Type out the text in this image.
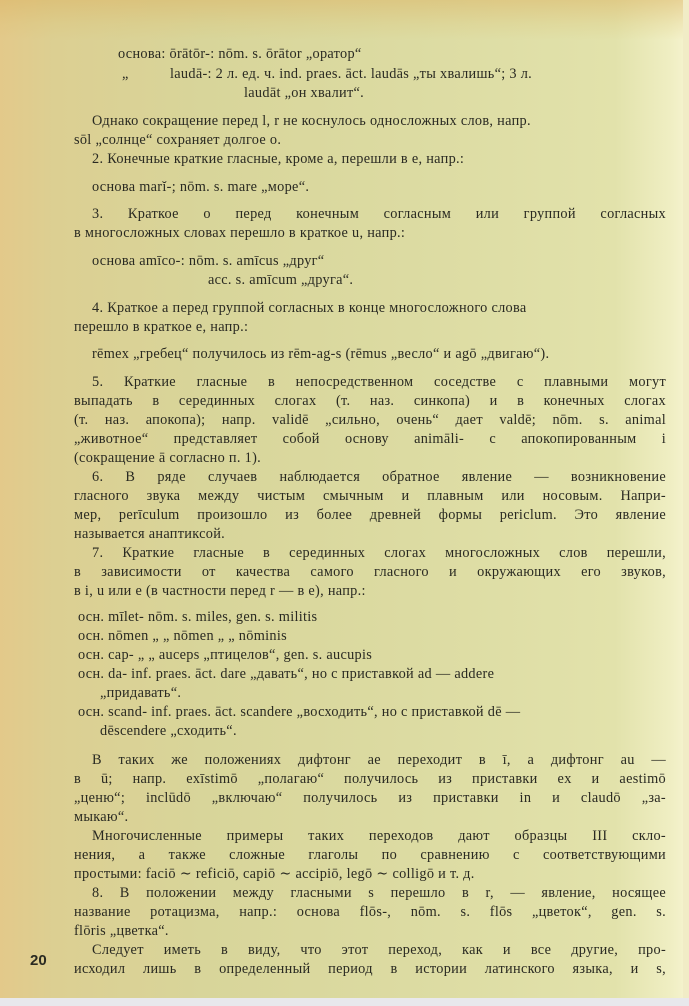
основа: ōrātōr-: nōm. s. ōrātor „оратор“
„	laudā-: 2 л. ед. ч. ind. praes. āct. laudās „ты хвалишь“; 3 л.
laudāt „он хвалит“.
Однако сокращение перед l, r не коснулось односложных слов, напр.
sōl „солнце“ сохраняет долгое о.
2. Конечные краткие гласные, кроме a, перешли в e, напр.:
основа marĭ-; nōm. s. mare „море“.
3. Краткое о перед конечным согласным или группой согласных
в многосложных словах перешло в краткое u, напр.:
основа amīco-: nōm. s. amīcus „друг“
acc. s. amīcum „друга“.
4. Краткое a перед группой согласных в конце многосложного слова
перешло в краткое e, напр.:
rēmex „гребец“ получилось из rēm-ag-s (rēmus „весло“ и agō „двигаю“).
5. Краткие гласные в непосредственном соседстве с плавными могут
выпадать в серединных слогах (т. наз. синкопа) и в конечных слогах
(т. наз. апокопа); напр. validē „сильно, очень“ дает valdē; nōm. s. animal
„животное“ представляет собой основу animāli- с апокопированным i
(сокращение ā согласно п. 1).
6. В ряде случаев наблюдается обратное явление — возникновение
гласного звука между чистым смычным и плавным или носовым. Напри-
мер, perīculum произошло из более древней формы periclum. Это явление
называется анаптиксой.
7. Краткие гласные в серединных слогах многосложных слов перешли,
в зависимости от качества самого гласного и окружающих его звуков,
в i, u или e (в частности перед r — в e), напр.:
осн. mīlet- nōm. s. miles, gen. s. militis
осн. nōmen „ „ nōmen „ „ nōminis
осн. cap- „ „ auceps „птицелов“, gen. s. aucupis
осн. da- inf. praes. āct. dare „давать“, но с приставкой ad — addere
„придавать“.
осн. scand- inf. praes. āct. scandere „восходить“, но с приставкой dē —
dēscendere „сходить“.
В таких же положениях дифтонг ae переходит в ī, а дифтонг au —
в ū; напр. exīstimō „полагаю“ получилось из приставки ex и aestimō
„ценю“; inclūdō „включаю“ получилось из приставки in и claudō „за-
мыкаю“.
Многочисленные примеры таких переходов дают образцы III скло-
нения, а также сложные глаголы по сравнению с соответствующими
простыми: faciō ∼ reficiō, capiō ∼ accipiō, legō ∼ colligō и т. д.
8. В положении между гласными s перешло в r, — явление, носящее
название ротацизма, напр.: основа flōs-, nōm. s. flōs „цветок“, gen. s.
flōris „цветка“.
Следует иметь в виду, что этот переход, как и все другие, про-
исходил лишь в определенный период в истории латинского языка, и s,
20
